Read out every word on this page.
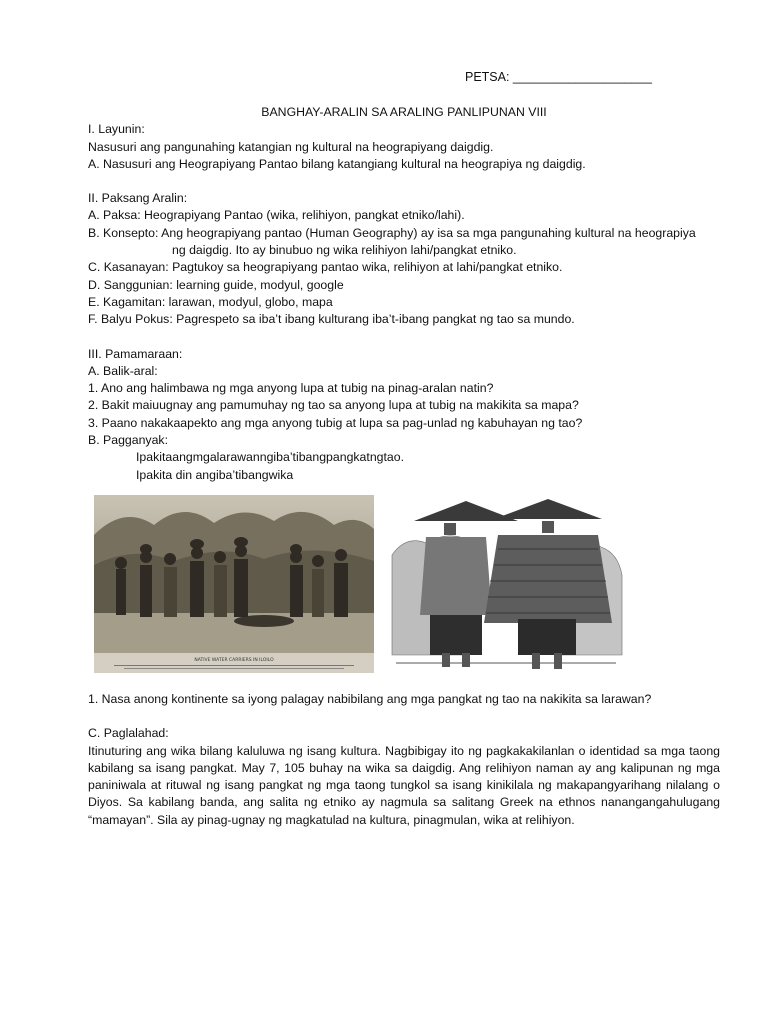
PETSA: ____________________
BANGHAY-ARALIN SA ARALING PANLIPUNAN VIII
I. Layunin:
Nasusuri ang pangunahing katangian ng kultural na heograpiyang daigdig.
A. Nasusuri ang Heograpiyang Pantao bilang katangiang kultural na heograpiya ng daigdig.
II. Paksang Aralin:
A. Paksa: Heograpiyang Pantao (wika, relihiyon, pangkat etniko/lahi).
B. Konsepto: Ang heograpiyang pantao (Human Geography) ay isa sa mga pangunahing kultural na heograpiya
ng daigdig. Ito ay binubuo ng wika relihiyon lahi/pangkat etniko.
C. Kasanayan: Pagtukoy sa heograpiyang pantao wika, relihiyon at lahi/pangkat etniko.
D. Sanggunian: learning guide, modyul, google
E. Kagamitan: larawan, modyul, globo, mapa
F. Balyu Pokus: Pagrespeto sa iba’t ibang kulturang iba’t-ibang pangkat ng tao sa mundo.
III. Pamamaraan:
A. Balik-aral:
1. Ano ang halimbawa ng mga anyong lupa at tubig na pinag-aralan natin?
2. Bakit maiuugnay ang pamumuhay ng tao sa anyong lupa at tubig na makikita sa mapa?
3. Paano nakakaapekto ang mga anyong tubig at lupa sa pag-unlad ng kabuhayan ng tao?
B. Pagganyak:
Ipakitaangmgalarawanngiba’tibangpangkatngtao.
Ipakita din angiba’tibangwika
NATIVE WATER CARRIERS IN ILOILO
1. Nasa anong kontinente sa iyong palagay nabibilang ang mga pangkat ng tao na nakikita sa larawan?
C. Paglalahad:
Itinuturing ang wika bilang kaluluwa ng isang kultura. Nagbibigay ito ng pagkakakilanlan o identidad sa mga taong kabilang sa isang pangkat. May 7, 105 buhay na wika sa daigdig. Ang relihiyon naman ay ang kalipunan ng mga paniniwala at rituwal ng isang pangkat ng mga taong tungkol sa isang kinikilala ng makapangyarihang nilalang o Diyos. Sa kabilang banda, ang salita ng etniko ay nagmula sa salitang Greek na ethnos nanangangahulugang “mamayan”. Sila ay pinag-ugnay ng magkatulad na kultura, pinagmulan, wika at relihiyon.
